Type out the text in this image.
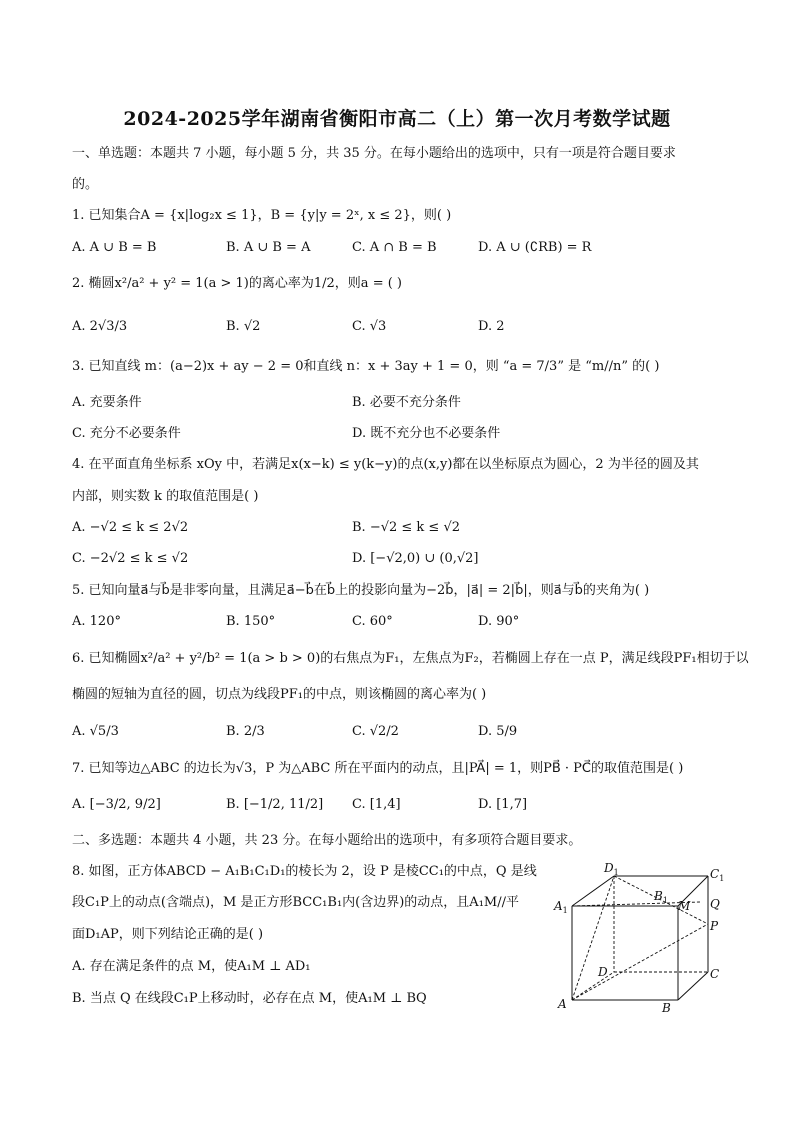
2024-2025学年湖南省衡阳市高二（上）第一次月考数学试题
一、单选题：本题共 7 小题，每小题 5 分，共 35 分。在每小题给出的选项中，只有一项是符合题目要求
的。
1. 已知集合A = {x|log₂x ≤ 1}，B = {y|y = 2ˣ, x ≤ 2}，则( )
A. A ∪ B = B	B. A ∪ B = A	C. A ∩ B = B	D. A ∪ (∁RB) = R
2. 椭圆x²/a² + y² = 1(a > 1)的离心率为1/2，则a = ( )
A. 2√3/3	B. √2	C. √3	D. 2
3. 已知直线 m：(a−2)x + ay − 2 = 0和直线 n：x + 3ay + 1 = 0，则 “a = 7/3” 是 “m//n” 的( )
A. 充要条件	B. 必要不充分条件
C. 充分不必要条件	D. 既不充分也不必要条件
4. 在平面直角坐标系 xOy 中，若满足x(x−k) ≤ y(k−y)的点(x,y)都在以坐标原点为圆心，2 为半径的圆及其
内部，则实数 k 的取值范围是( )
A. −√2 ≤ k ≤ 2√2	B. −√2 ≤ k ≤ √2
C. −2√2 ≤ k ≤ √2	D. [−√2,0) ∪ (0,√2]
5. 已知向量a⃗与b⃗是非零向量，且满足a⃗−b⃗在b⃗上的投影向量为−2b⃗，|a⃗| = 2|b⃗|，则a⃗与b⃗的夹角为( )
A. 120°	B. 150°	C. 60°	D. 90°
6. 已知椭圆x²/a² + y²/b² = 1(a > b > 0)的右焦点为F₁，左焦点为F₂，若椭圆上存在一点 P，满足线段PF₁相切于以
椭圆的短轴为直径的圆，切点为线段PF₁的中点，则该椭圆的离心率为( )
A. √5/3	B. 2/3	C. √2/2	D. 5/9
7. 已知等边△ABC 的边长为√3，P 为△ABC 所在平面内的动点，且|PA⃗| = 1，则PB⃗ · PC⃗的取值范围是( )
A. [−3/2, 9/2]	B. [−1/2, 11/2] C. [1,4]	D. [1,7]
二、多选题：本题共 4 小题，共 23 分。在每小题给出的选项中，有多项符合题目要求。
8. 如图，正方体ABCD − A₁B₁C₁D₁的棱长为 2，设 P 是棱CC₁的中点，Q 是线
段C₁P上的动点(含端点)，M 是正方形BCC₁B₁内(含边界)的动点，且A₁M//平
面D₁AP，则下列结论正确的是( )
A. 存在满足条件的点 M，使A₁M ⊥ AD₁
B. 当点 Q 在线段C₁P上移动时，必存在点 M，使A₁M ⊥ BQ
$D_1$
$A_1$
$B_1$
$C_1$
M Q
P
D	C
A	B
